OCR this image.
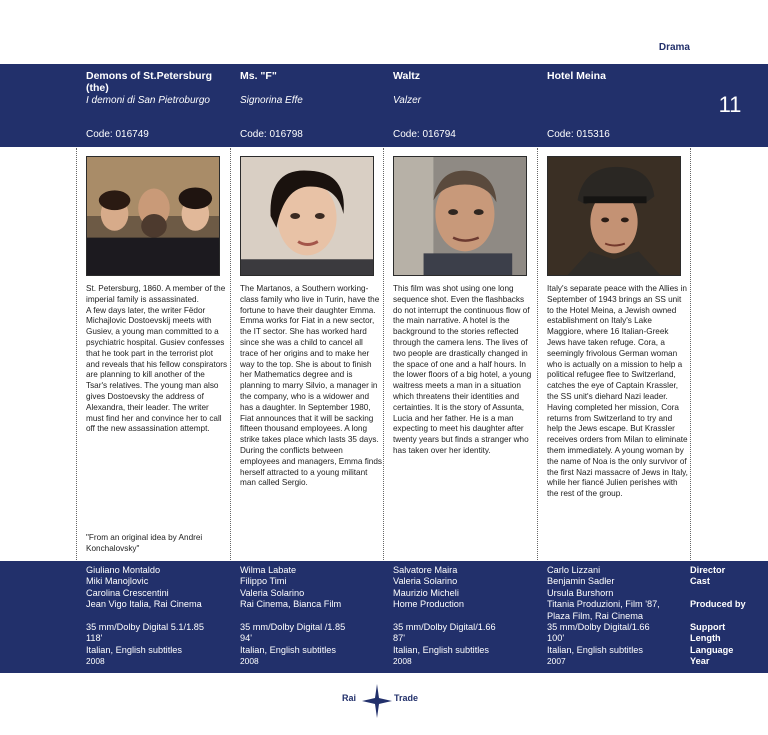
Drama
11
Demons of St.Petersburg (the)
I demoni di San Pietroburgo
Code: 016749
St. Petersburg, 1860. A member of the imperial family is assassinated.
A few days later, the writer Fëdor Michajlovic Dostoevskij meets with Gusiev, a young man committed to a psychiatric hospital. Gusiev confesses that he took part in the terrorist plot and reveals that his fellow conspirators are planning to kill another of the Tsar's relatives. The young man also gives Dostoevsky the address of Alexandra, their leader. The writer must find her and convince her to call off the new assassination attempt.
"From an original idea by Andrei Konchalovsky"
Giuliano Montaldo
Miki Manojlovic
Carolina Crescentini
Jean Vigo Italia, Rai Cinema
35 mm/Dolby Digital 5.1/1.85
118'
Italian, English subtitles
2008
Ms. "F"
Signorina Effe
Code: 016798
The Martanos, a Southern working-class family who live in Turin, have the fortune to have their daughter Emma. Emma works for Fiat in a new sector, the IT sector. She has worked hard since she was a child to cancel all trace of her origins and to make her way to the top. She is about to finish her Mathematics degree and is planning to marry Silvio, a manager in the company, who is a widower and has a daughter. In September 1980, Fiat announces that it will be sacking fifteen thousand employees. A long strike takes place which lasts 35 days. During the conflicts between employees and managers, Emma finds herself attracted to a young militant man called Sergio.
Wilma Labate
Filippo Timi
Valeria Solarino
Rai Cinema, Bianca Film
35 mm/Dolby Digital /1.85
94'
Italian, English subtitles
2008
Waltz
Valzer
Code: 016794
This film was shot using one long sequence shot. Even the flashbacks do not interrupt the continuous flow of the main narrative. A hotel is the background to the stories reflected through the camera lens. The lives of two people are drastically changed in the space of one and a half hours. In the lower floors of a big hotel, a young waitress meets a man in a situation which threatens their identities and certainties. It is the story of Assunta, Lucia and her father. He is a man expecting to meet his daughter after twenty years but finds a stranger who has taken over her identity.
Salvatore Maira
Valeria Solarino
Maurizio Micheli
Home Production
35 mm/Dolby Digital/1.66
87'
Italian, English subtitles
2008
Hotel Meina
Code: 015316
Italy's separate peace with the Allies in September of 1943 brings an SS unit to the Hotel Meina, a Jewish owned establishment on Italy's Lake Maggiore, where 16 Italian-Greek Jews have taken refuge. Cora, a seemingly frivolous German woman who is actually on a mission to help a political refugee flee to Switzerland, catches the eye of Captain Krassler, the SS unit's diehard Nazi leader. Having completed her mission, Cora returns from Switzerland to try and help the Jews escape. But Krassler receives orders from Milan to eliminate them immediately. A young woman by the name of Noa is the only survivor of the first Nazi massacre of Jews in Italy, while her fiancé Julien perishes with the rest of the group.
Carlo Lizzani
Benjamin Sadler
Ursula Burshorn
Titania Produzioni, Film '87,
Plaza Film, Rai Cinema
35 mm/Dolby Digital/1.66
100'
Italian, English subtitles
2007
Director
Cast
Produced by
Support
Length
Language
Year
Rai	Trade
